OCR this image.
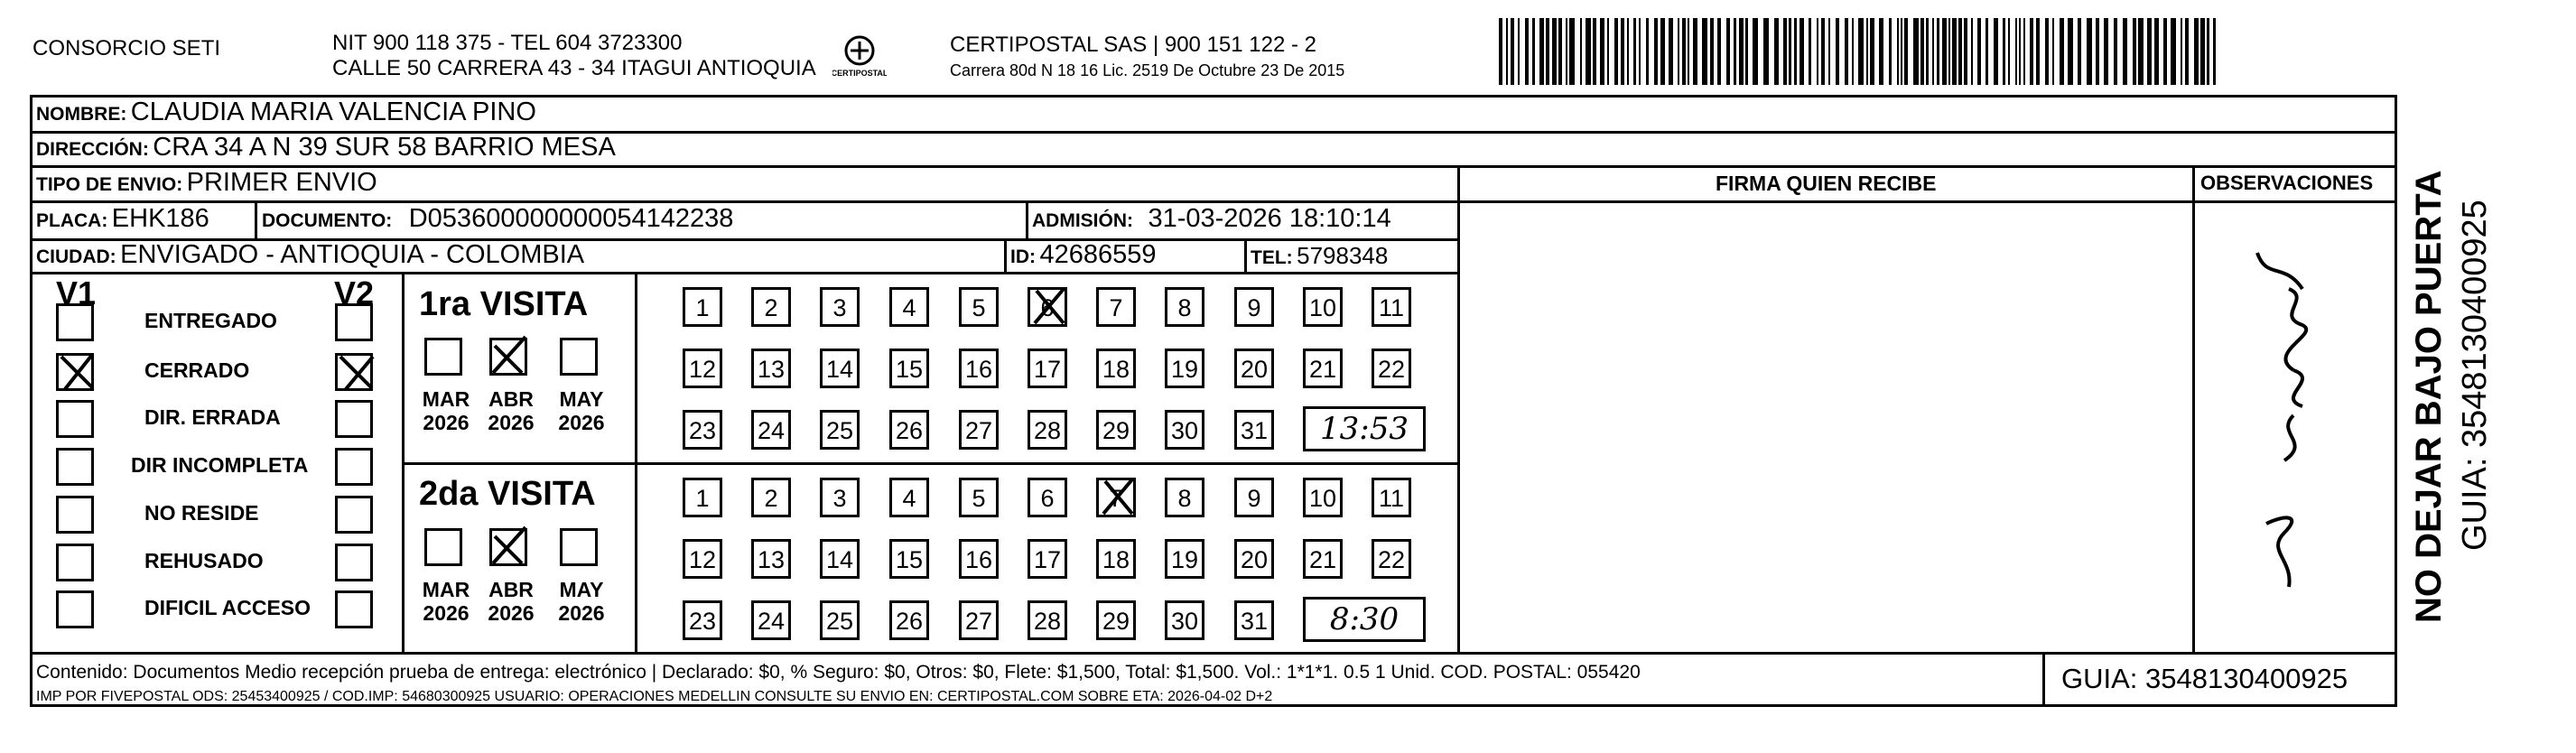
CONSORCIO SETI	NIT 900 118 375 - TEL 604 3723300
CALLE 50 CARRERA 43 - 34 ITAGUI ANTIOQUIA CERTIPOSTAL
CERTIPOSTAL SAS | 900 151 122 - 2
Carrera 80d N 18 16 Lic. 2519 De Octubre 23 De 2015
NOMBRE: CLAUDIA MARIA VALENCIA PINO
DIRECCIÓN: CRA 34 A N 39 SUR 58 BARRIO MESA
TIPO DE ENVIO: PRIMER ENVIO
PLACA: EHK186	DOCUMENTO: D053600000000054142238	ADMISIÓN: 31-03-2026 18:10:14
CIUDAD: ENVIGADO - ANTIOQUIA - COLOMBIA	ID: 42686559	TEL: 5798348
FIRMA QUIEN RECIBE	OBSERVACIONES
V1	V2
ENTREGADO
CERRADO
DIR. ERRADA
DIR INCOMPLETA
NO RESIDE
REHUSADO
DIFICIL ACCESO
1ra VISITA
MAR
2026
ABR
2026
MAY
2026
1	2	3	4	5	6	7	8	9	10 11
12 13 14 15 16 17 18 19 20 21 22
23 24 25 26 27 28 29 30 31	13:53
2da VISITA
MAR
2026
ABR
2026
MAY
2026
1	2	3	4	5	6	7	8	9	10 11
12 13 14 15 16 17 18 19 20 21 22
23 24 25 26 27 28 29 30 31	8:30
Contenido: Documentos Medio recepción prueba de entrega: electrónico | Declarado: $0, % Seguro: $0, Otros: $0, Flete: $1,500, Total: $1,500. Vol.: 1*1*1. 0.5 1 Unid. COD. POSTAL: 055420
IMP POR FIVEPOSTAL ODS: 25453400925 / COD.IMP: 54680300925 USUARIO: OPERACIONES MEDELLIN CONSULTE SU ENVIO EN: CERTIPOSTAL.COM SOBRE ETA: 2026-04-02 D+2
GUIA: 3548130400925
NO DEJAR BAJO PUERTA GUIA: 3548130400925
